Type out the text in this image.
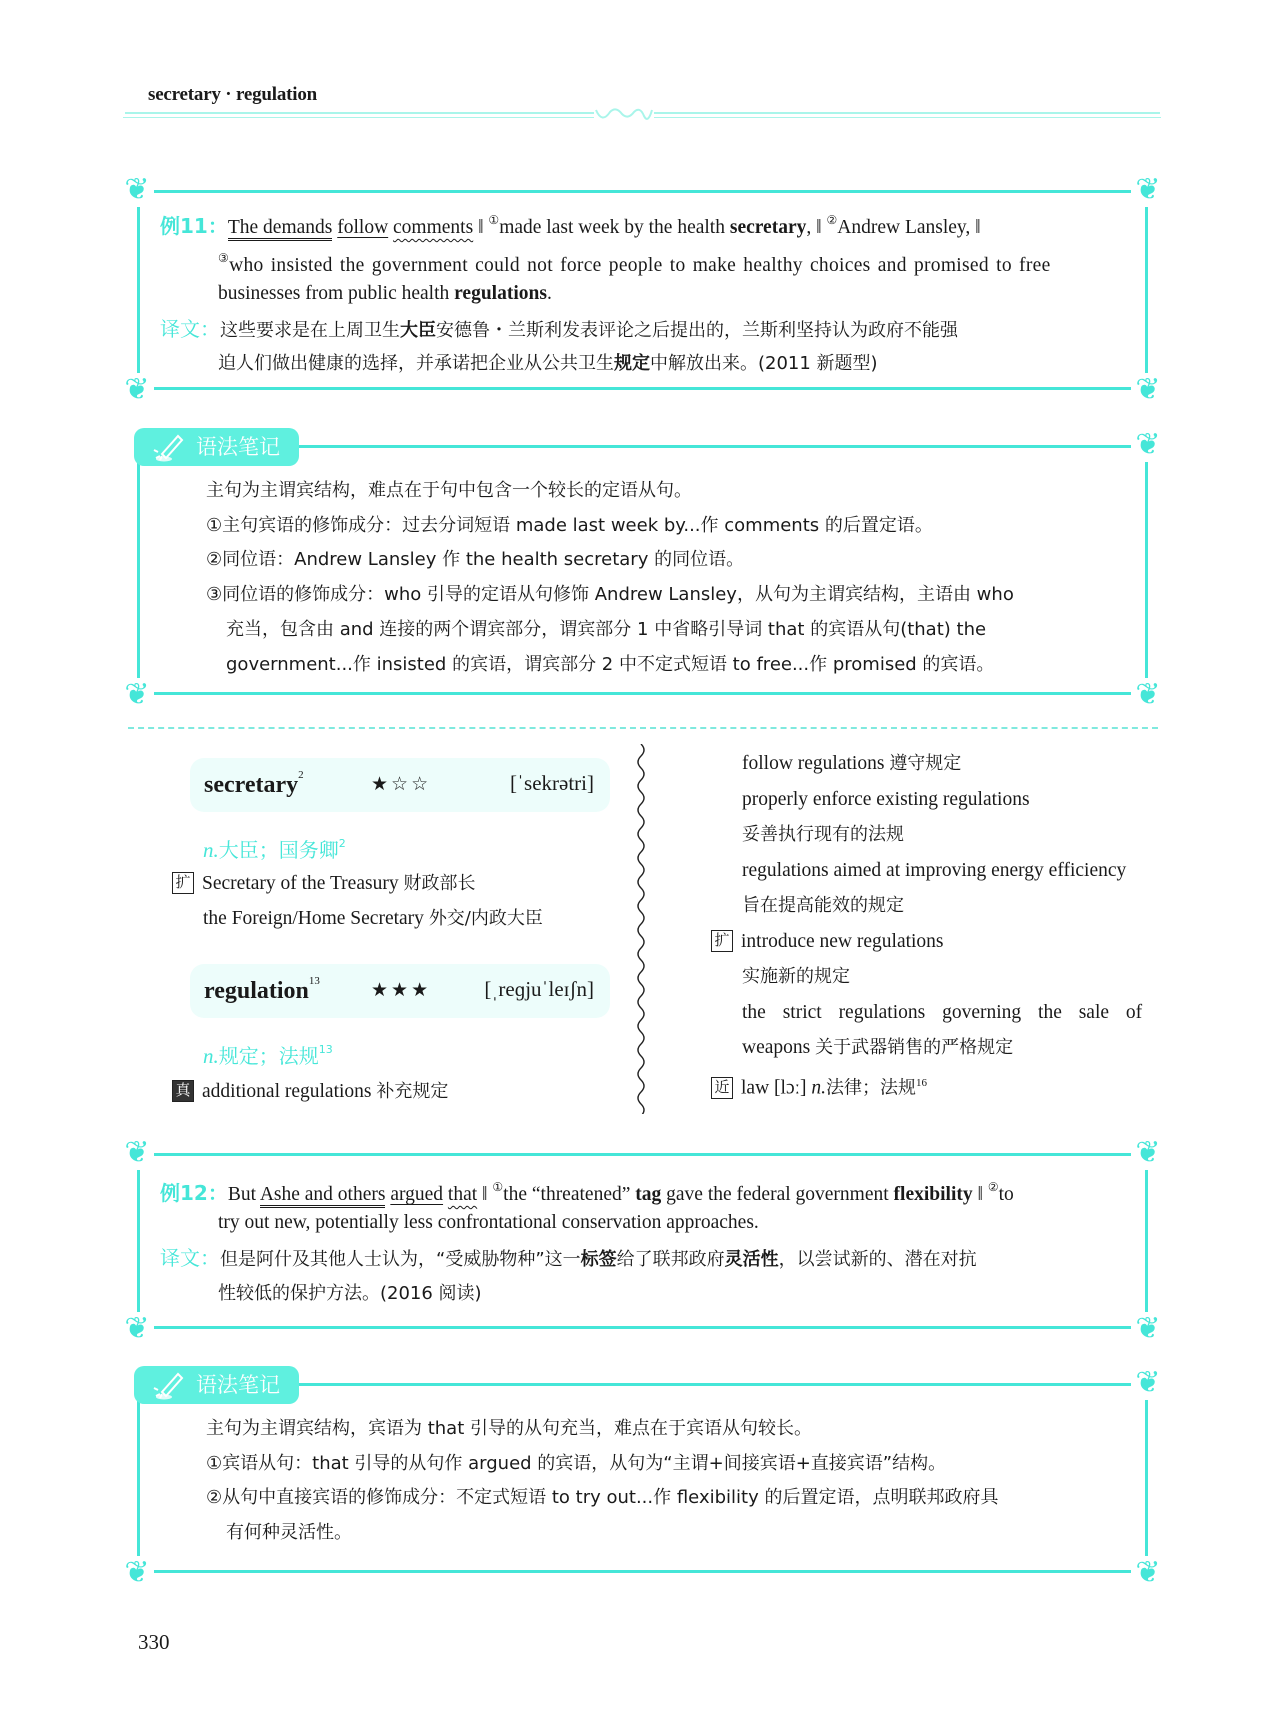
secretary · regulation
❦	❦
❦	❦
例11：The demands follow comments ‖ ①made last week by the health secretary, ‖ ②Andrew Lansley, ‖
③who insisted the government could not force people to make healthy choices and promised to free
businesses from public health regulations.
译文：这些要求是在上周卫生大臣安德鲁・兰斯利发表评论之后提出的，兰斯利坚持认为政府不能强
迫人们做出健康的选择，并承诺把企业从公共卫生规定中解放出来。(2011 新题型)
❦
❦	❦
语法笔记
主句为主谓宾结构，难点在于句中包含一个较长的定语从句。
①主句宾语的修饰成分：过去分词短语 made last week by...作 comments 的后置定语。
②同位语：Andrew Lansley 作 the health secretary 的同位语。
③同位语的修饰成分：who 引导的定语从句修饰 Andrew Lansley，从句为主谓宾结构，主语由 who
充当，包含由 and 连接的两个谓宾部分，谓宾部分 1 中省略引导词 that 的宾语从句(that) the
government...作 insisted 的宾语，谓宾部分 2 中不定式短语 to free...作 promised 的宾语。
secretary$^2$	★☆☆	[ˈsekrətri]
n.大臣；国务卿$^2$
扩 Secretary of the Treasury 财政部长
the Foreign/Home Secretary 外交/内政大臣
regulation$^{13}$	★★★	[ˌreɡjuˈleɪʃn]
n.规定；法规$^{13}$
真 additional regulations 补充规定
follow regulations 遵守规定
properly enforce existing regulations
妥善执行现有的法规
regulations aimed at improving energy efficiency
旨在提高能效的规定
扩 introduce new regulations
实施新的规定
the strict regulations governing the sale of
weapons 关于武器销售的严格规定
近 law [lɔː] n.法律；法规$^{16}$
❦	❦
❦	❦
例12：But Ashe and others argued that ‖ ①the “threatened” tag gave the federal government flexibility ‖ ②to
try out new, potentially less confrontational conservation approaches.
译文：但是阿什及其他人士认为，“受威胁物种”这一标签给了联邦政府灵活性，以尝试新的、潜在对抗
性较低的保护方法。(2016 阅读)
❦
❦	❦
语法笔记
主句为主谓宾结构，宾语为 that 引导的从句充当，难点在于宾语从句较长。
①宾语从句：that 引导的从句作 argued 的宾语，从句为“主谓+间接宾语+直接宾语”结构。
②从句中直接宾语的修饰成分：不定式短语 to try out...作 flexibility 的后置定语，点明联邦政府具
有何种灵活性。
330
